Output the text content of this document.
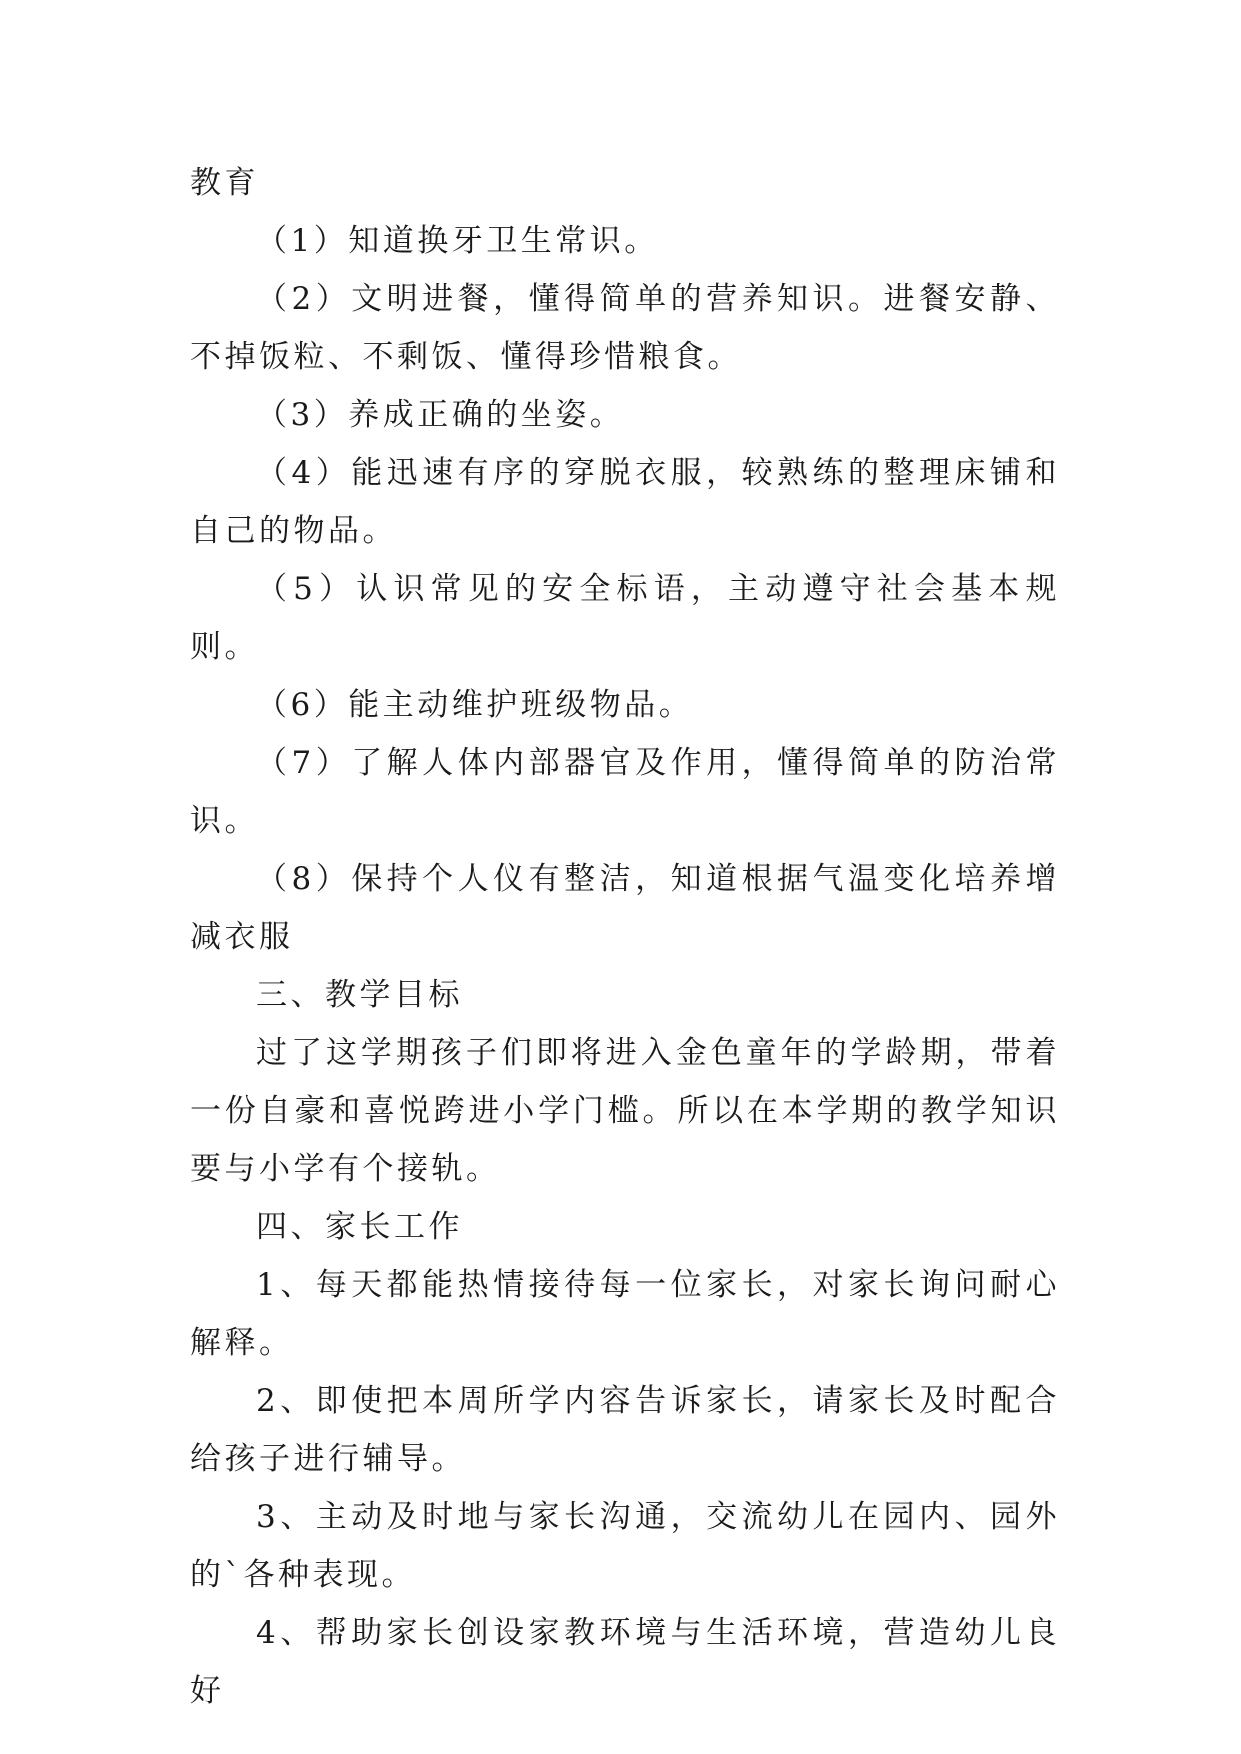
教育

（1）知道换牙卫生常识。

（2）文明进餐，懂得简单的营养知识。进餐安静、不掉饭粒、不剩饭、懂得珍惜粮食。

（3）养成正确的坐姿。

（4）能迅速有序的穿脱衣服，较熟练的整理床铺和自己的物品。

（5）认识常见的安全标语，主动遵守社会基本规则。

（6）能主动维护班级物品。

（7）了解人体内部器官及作用，懂得简单的防治常识。

（8）保持个人仪有整洁，知道根据气温变化培养增减衣服

三、教学目标

过了这学期孩子们即将进入金色童年的学龄期，带着一份自豪和喜悦跨进小学门槛。所以在本学期的教学知识要与小学有个接轨。

四、家长工作

1、每天都能热情接待每一位家长，对家长询问耐心解释。

2、即使把本周所学内容告诉家长，请家长及时配合给孩子进行辅导。

3、主动及时地与家长沟通，交流幼儿在园内、园外的`各种表现。

4、帮助家长创设家教环境与生活环境，营造幼儿良好
